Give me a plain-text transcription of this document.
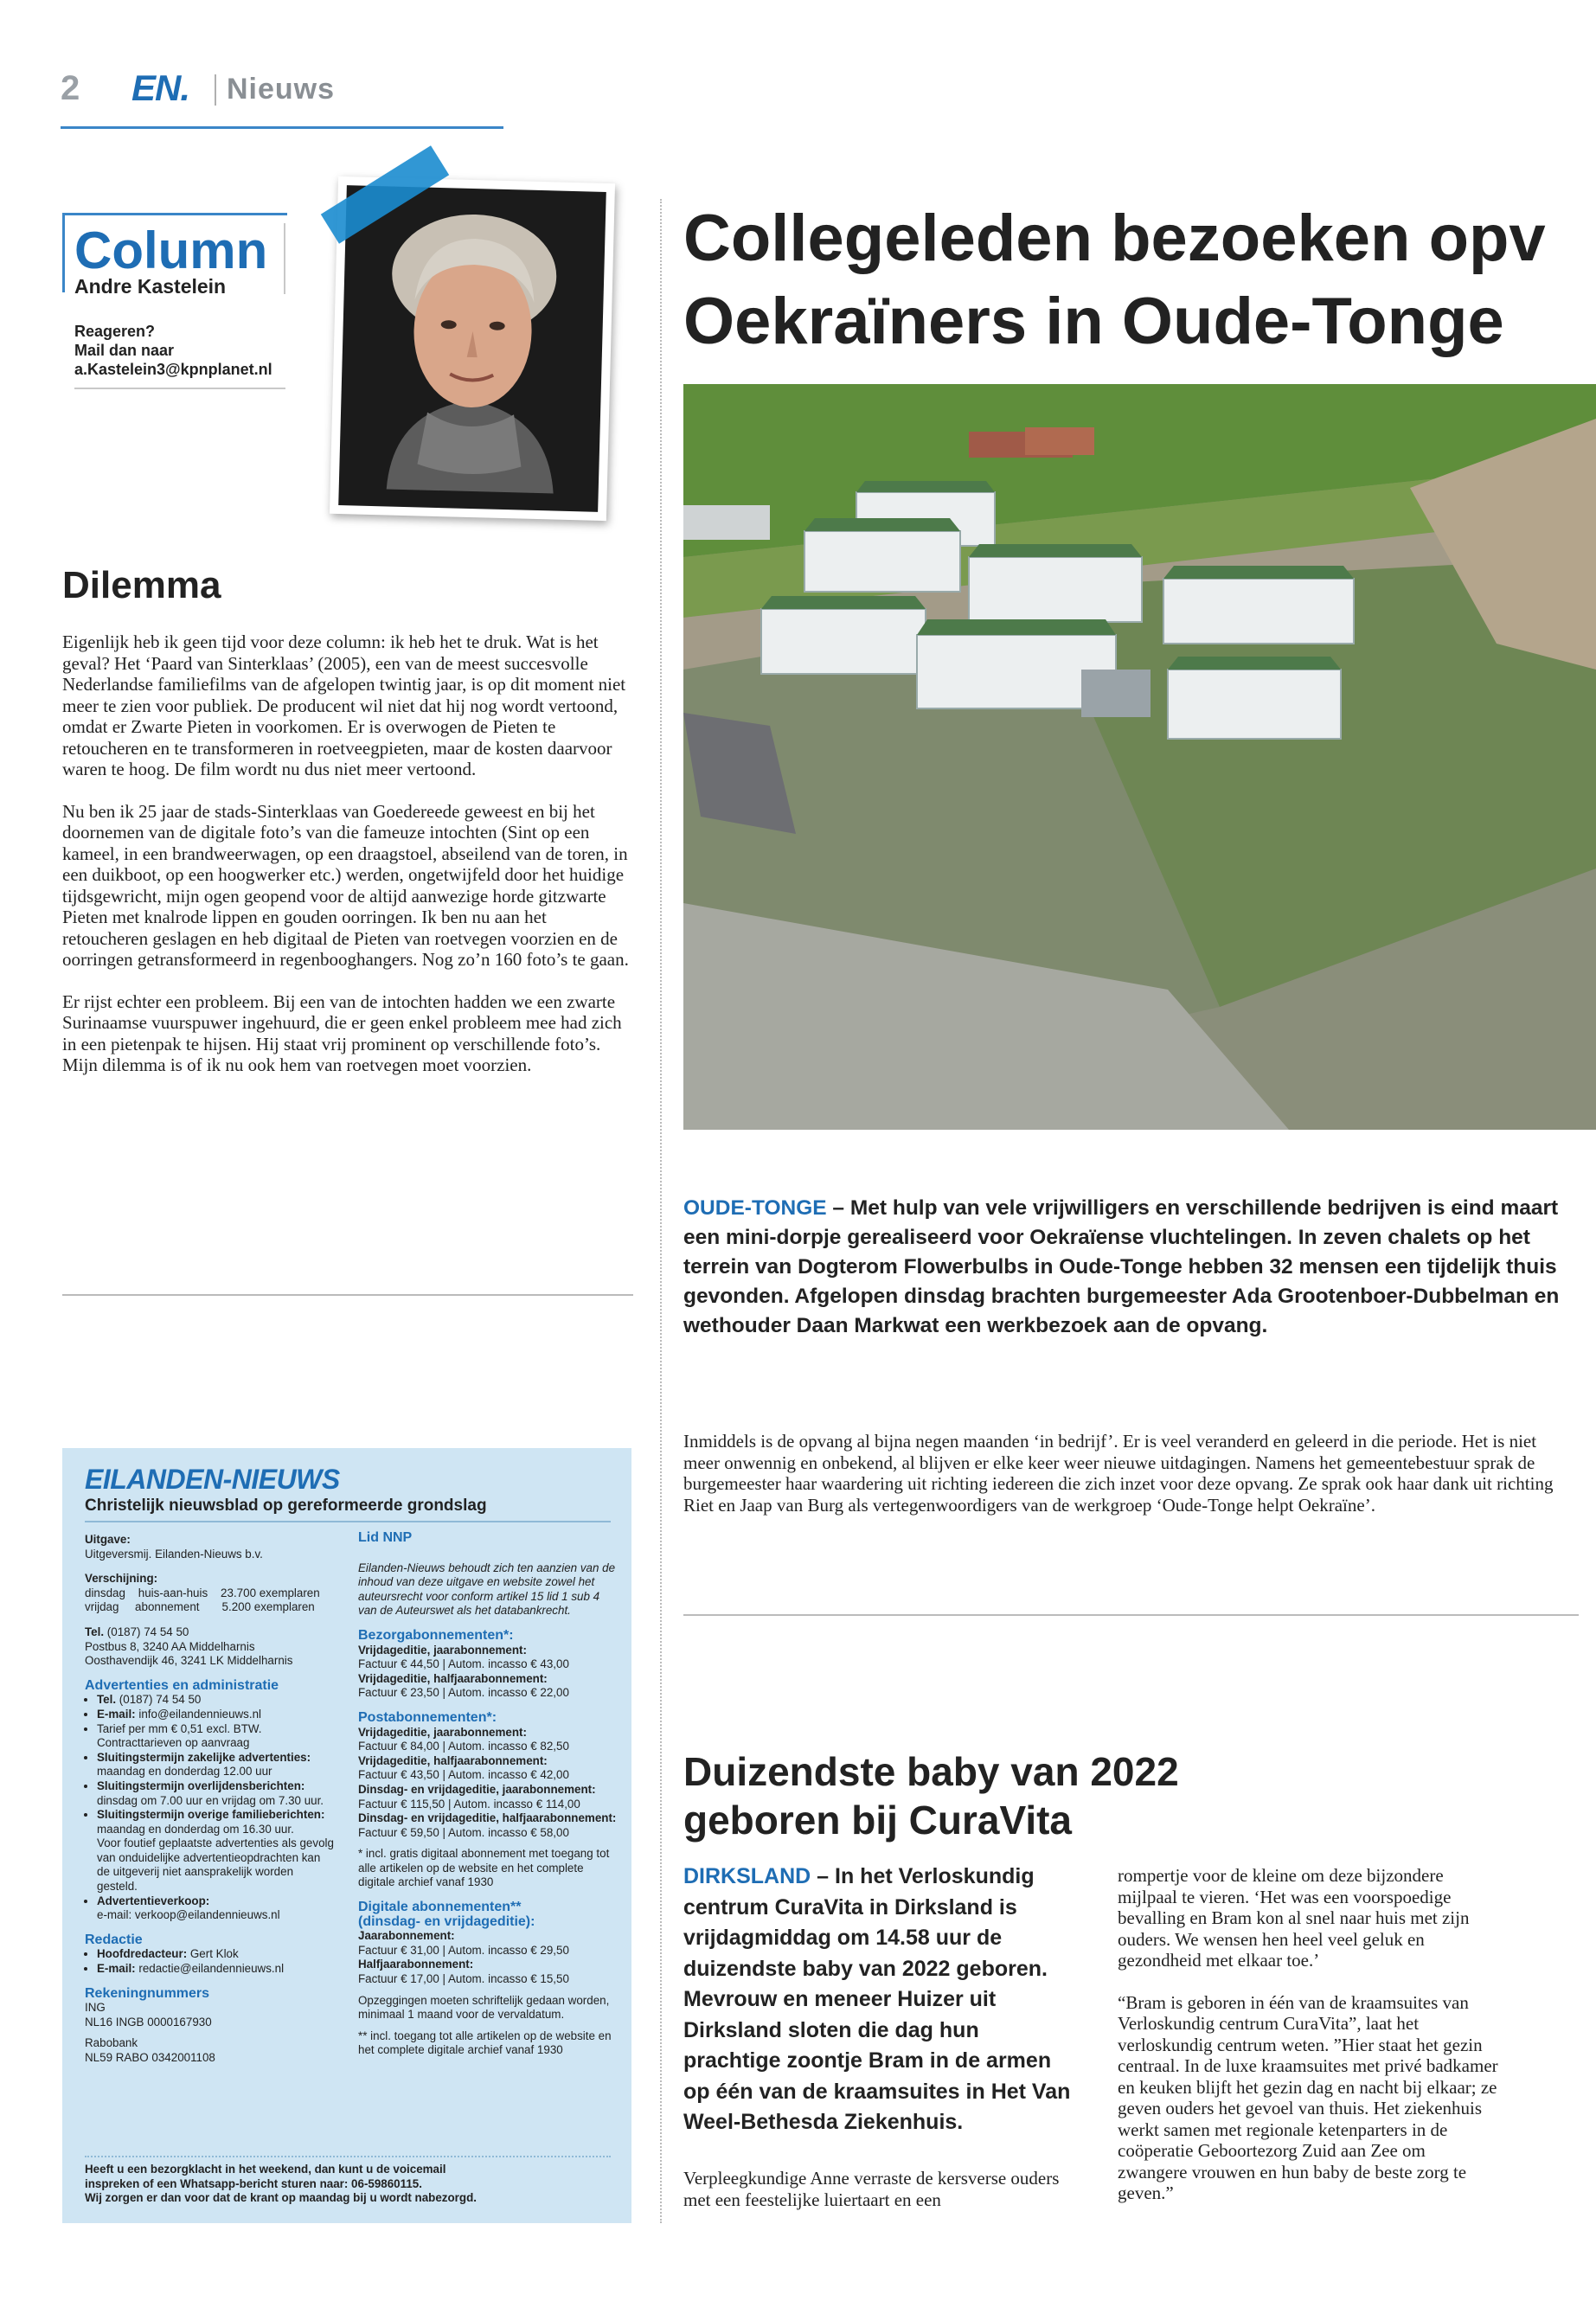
2 EN. Nieuws
Column
Andre Kastelein
Reageren?
Mail dan naar
a.Kastelein3@kpnplanet.nl
Dilemma

Eigenlijk heb ik geen tijd voor deze column: ik heb het te druk. Wat is het geval? Het ‘Paard van Sinterklaas’ (2005), een van de meest succesvolle Nederlandse familiefilms van de afgelopen twintig jaar, is op dit moment niet meer te zien voor publiek. De producent wil niet dat hij nog wordt vertoond, omdat er Zwarte Pieten in voorkomen. Er is overwogen de Pieten te retoucheren en te transformeren in roetveegpieten, maar de kosten daarvoor waren te hoog. De film wordt nu dus niet meer vertoond.

Nu ben ik 25 jaar de stads-Sinterklaas van Goedereede geweest en bij het doornemen van de digitale foto’s van die fameuze intochten (Sint op een kameel, in een brandweerwagen, op een draagstoel, abseilend van de toren, in een duikboot, op een hoogwerker etc.) werden, ongetwijfeld door het huidige tijdsgewricht, mijn ogen geopend voor de altijd aanwezige horde gitzwarte Pieten met knalrode lippen en gouden oorringen. Ik ben nu aan het retoucheren geslagen en heb digitaal de Pieten van roetvegen voorzien en de oorringen getransformeerd in regenbooghangers. Nog zo’n 160 foto’s te gaan.

Er rijst echter een probleem. Bij een van de intochten hadden we een zwarte Surinaamse vuurspuwer ingehuurd, die er geen enkel probleem mee had zich in een pietenpak te hijsen. Hij staat vrij prominent op verschillende foto’s. Mijn dilemma is of ik nu ook hem van roetvegen moet voorzien.

Collegeleden bezoeken opv
Oekraïners in Oude-Tonge
OUDE-TONGE – Met hulp van vele vrijwilligers en verschillende bedrijven is eind maart een mini-dorpje gerealiseerd voor Oekraïense vluchtelingen. In zeven chalets op het terrein van Dogterom Flowerbulbs in Oude-Tonge hebben 32 mensen een tijdelijk thuis gevonden. Afgelopen dinsdag brachten burgemeester Ada Grootenboer-Dubbelman en wethouder Daan Markwat een werkbezoek aan de opvang.
Inmiddels is de opvang al bijna negen maanden ‘in bedrijf’. Er is veel veranderd en geleerd in die periode. Het is niet meer onwennig en onbekend, al blijven er elke keer weer nieuwe uitdagingen. Namens het gemeentebestuur sprak de burgemeester haar waardering uit richting iedereen die zich inzet voor deze opvang. Ze sprak ook haar dank uit richting Riet en Jaap van Burg als vertegenwoordigers van de werkgroep ‘Oude-Tonge helpt Oekraïne’.
Duizendste baby van 2022
geboren bij CuraVita
DIRKSLAND – In het Verloskundig centrum CuraVita in Dirksland is vrijdagmiddag om 14.58 uur de duizendste baby van 2022 geboren. Mevrouw en meneer Huizer uit Dirksland sloten die dag hun prachtige zoontje Bram in de armen op één van de kraamsuites in Het Van Weel-Bethesda Ziekenhuis.
Verpleegkundige Anne verraste de kersverse ouders met een feestelijke luiertaart en een

rompertje voor de kleine om deze bijzondere mijlpaal te vieren. ‘Het was een voorspoedige bevalling en Bram kon al snel naar huis met zijn ouders. We wensen hen heel veel geluk en gezondheid met elkaar toe.’

“Bram is geboren in één van de kraamsuites van Verloskundig centrum CuraVita”, laat het verloskundig centrum weten. ”Hier staat het gezin centraal. In de luxe kraamsuites met privé badkamer en keuken blijft het gezin dag en nacht bij elkaar; ze geven ouders het gevoel van thuis. Het ziekenhuis werkt samen met regionale ketenparters in de coöperatie Geboortezorg Zuid aan Zee om zwangere vrouwen en hun baby de beste zorg te geven.”

EILANDEN-NIEUWS
Christelijk nieuwsblad op gereformeerde grondslag
Uitgave:
Uitgeversmij. Eilanden-Nieuws b.v.
Verschijning:
dinsdag    huis-aan-huis    23.700 exemplaren
vrijdag     abonnement       5.200 exemplaren
Tel. (0187) 74 54 50
Postbus 8, 3240 AA Middelharnis
Oosthavendijk 46, 3241 LK Middelharnis
Advertenties en administratie
• Tel. (0187) 74 54 50
• E-mail: info@eilandennieuws.nl
• Tarief per mm € 0,51 excl. BTW.
Contracttarieven op aanvraag
• Sluitingstermijn zakelijke advertenties:
maandag en donderdag 12.00 uur
• Sluitingstermijn overlijdensberichten:
dinsdag om 7.00 uur en vrijdag om 7.30 uur.
• Sluitingstermijn overige familieberichten:
maandag en donderdag om 16.30 uur.
Voor foutief geplaatste advertenties als gevolg van onduidelijke advertentieopdrachten kan de uitgeverij niet aansprakelijk worden gesteld.
• Advertentieverkoop:
e-mail: verkoop@eilandennieuws.nl
Redactie
• Hoofdredacteur: Gert Klok
• E-mail: redactie@eilandennieuws.nl
Rekeningnummers
ING
NL16 INGB 0000167930
Rabobank
NL59 RABO 0342001108
Lid NNP
Eilanden-Nieuws behoudt zich ten aanzien van de inhoud van deze uitgave en website zowel het auteursrecht voor conform artikel 15 lid 1 sub 4 van de Auteurswet als het databankrecht.
Bezorgabonnementen*:
Vrijdageditie, jaarabonnement:
Factuur € 44,50 | Autom. incasso € 43,00
Vrijdageditie, halfjaarabonnement:
Factuur € 23,50 | Autom. incasso € 22,00
Postabonnementen*:
Vrijdageditie, jaarabonnement:
Factuur € 84,00 | Autom. incasso € 82,50
Vrijdageditie, halfjaarabonnement:
Factuur € 43,50 | Autom. incasso € 42,00
Dinsdag- en vrijdageditie, jaarabonnement:
Factuur € 115,50 | Autom. incasso € 114,00
Dinsdag- en vrijdageditie, halfjaarabonnement:
Factuur € 59,50 | Autom. incasso € 58,00
* incl. gratis digitaal abonnement met toegang tot alle artikelen op de website en het complete digitale archief vanaf 1930
Digitale abonnementen**
(dinsdag- en vrijdageditie):
Jaarabonnement:
Factuur € 31,00 | Autom. incasso € 29,50
Halfjaarabonnement:
Factuur € 17,00 | Autom. incasso € 15,50
Opzeggingen moeten schriftelijk gedaan worden, minimaal 1 maand voor de vervaldatum.
** incl. toegang tot alle artikelen op de website en het complete digitale archief vanaf 1930
Heeft u een bezorgklacht in het weekend, dan kunt u de voicemail
inspreken of een Whatsapp-bericht sturen naar: 06-59860115.
Wij zorgen er dan voor dat de krant op maandag bij u wordt nabezorgd.
